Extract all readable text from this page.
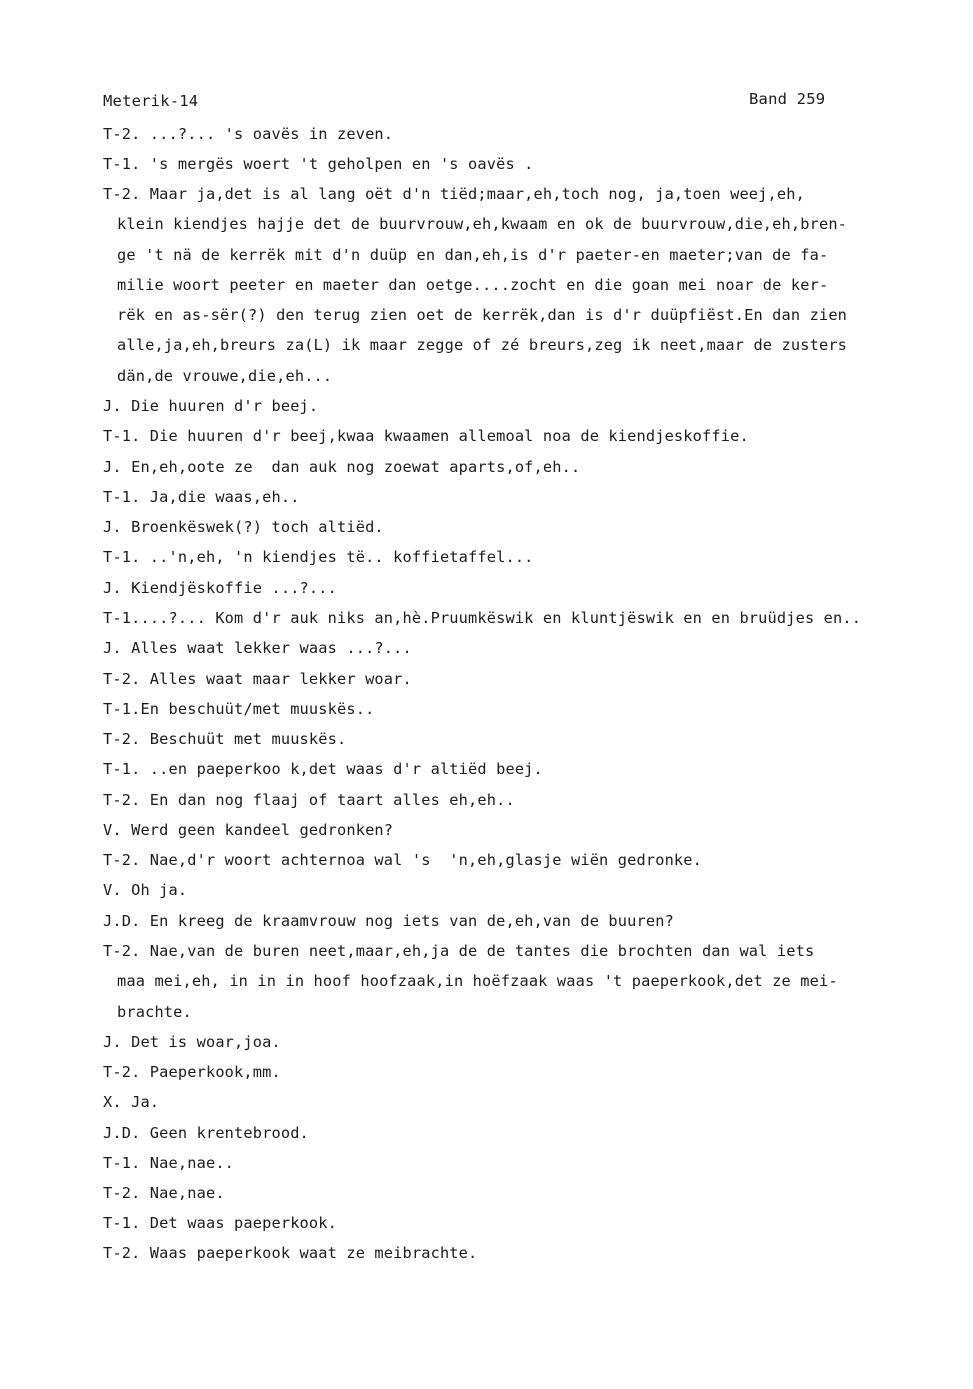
Meterik-14	Band 259
T-2. ...?... 's oavës in zeven.
T-1. 's mergës woert 't geholpen en 's oavës .
T-2. Maar ja,det is al lang oët d'n tiëd;maar,eh,toch nog, ja,toen weej,eh,
klein kiendjes hajje det de buurvrouw,eh,kwaam en ok de buurvrouw,die,eh,bren-
ge 't nä de kerrëk mit d'n duüp en dan,eh,is d'r paeter-en maeter;van de fa-
milie woort peeter en maeter dan oetge....zocht en die goan mei noar de ker-
rëk en as-sër(?) den terug zien oet de kerrëk,dan is d'r duüpfiëst.En dan zien
alle,ja,eh,breurs za(L) ik maar zegge of zé breurs,zeg ik neet,maar de zusters
dän,de vrouwe,die,eh...
J. Die huuren d'r beej.
T-1. Die huuren d'r beej,kwaa kwaamen allemoal noa de kiendjeskoffie.
J. En,eh,oote ze  dan auk nog zoewat aparts,of,eh..
T-1. Ja,die waas,eh..
J. Broenkëswek(?) toch altiëd.
T-1. ..'n,eh, 'n kiendjes të.. koffietaffel...
J. Kiendjëskoffie ...?...
T-1....?... Kom d'r auk niks an,hè.Pruumkëswik en kluntjëswik en en bruüdjes en..
J. Alles waat lekker waas ...?...
T-2. Alles waat maar lekker woar.
T-1.En beschuüt/met muuskës..
T-2. Beschuüt met muuskës.
T-1. ..en paeperkoo k,det waas d'r altiëd beej.
T-2. En dan nog flaaj of taart alles eh,eh..
V. Werd geen kandeel gedronken?
T-2. Nae,d'r woort achternoa wal 's  'n,eh,glasje wiën gedronke.
V. Oh ja.
J.D. En kreeg de kraamvrouw nog iets van de,eh,van de buuren?
T-2. Nae,van de buren neet,maar,eh,ja de de tantes die brochten dan wal iets
maa mei,eh, in in in hoof hoofzaak,in hoëfzaak waas 't paeperkook,det ze mei-
brachte.
J. Det is woar,joa.
T-2. Paeperkook,mm.
X. Ja.
J.D. Geen krentebrood.
T-1. Nae,nae..
T-2. Nae,nae.
T-1. Det waas paeperkook.
T-2. Waas paeperkook waat ze meibrachte.
